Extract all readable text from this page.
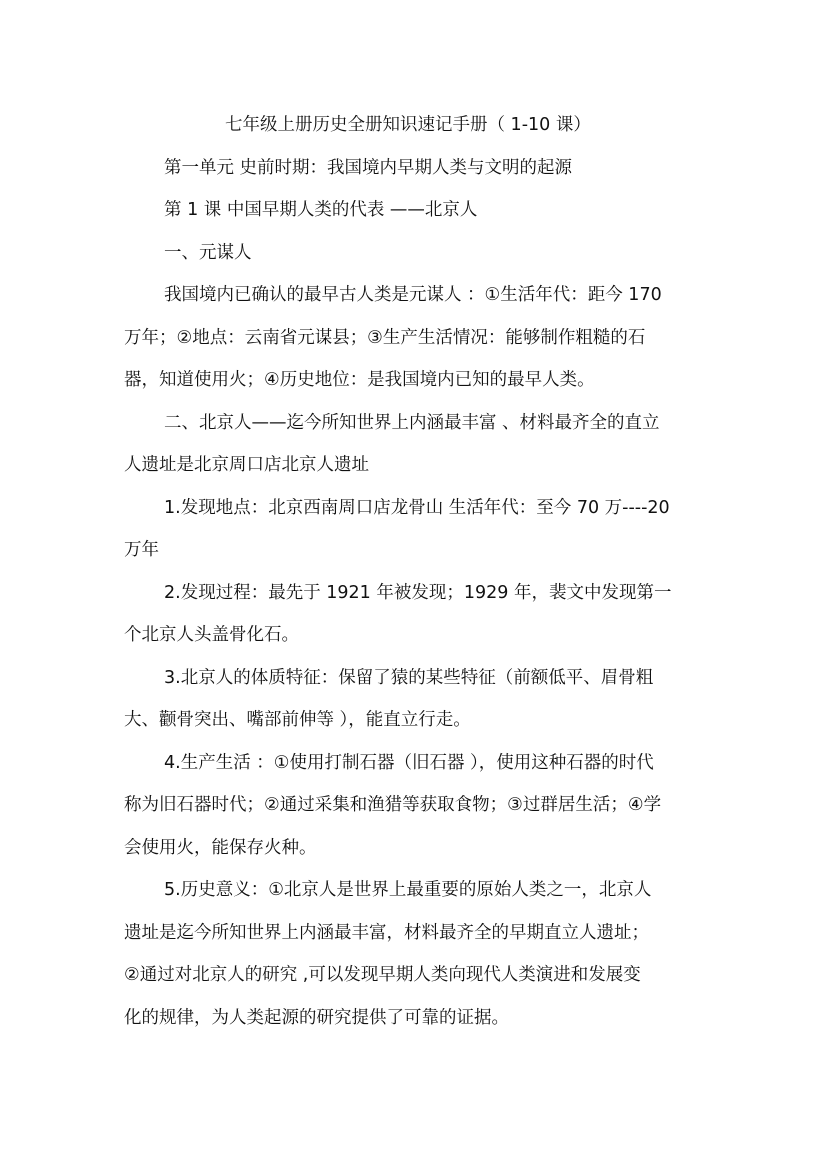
七年级上册历史全册知识速记手册（ 1-10 课）

第一单元 史前时期：我国境内早期人类与文明的起源

第 1 课 中国早期人类的代表 ——北京人

一、元谋人

我国境内已确认的最早古人类是元谋人 ：①生活年代：距今 170

万年；②地点：云南省元谋县；③生产生活情况：能够制作粗糙的石

器，知道使用火；④历史地位：是我国境内已知的最早人类。

二、北京人——迄今所知世界上内涵最丰富 、材料最齐全的直立

人遗址是北京周口店北京人遗址

1.发现地点：北京西南周口店龙骨山 生活年代：至今 70 万----20

万年

2.发现过程：最先于 1921 年被发现；1929 年，裴文中发现第一

个北京人头盖骨化石。

3.北京人的体质特征：保留了猿的某些特征（前额低平、眉骨粗

大、颧骨突出、嘴部前伸等 ），能直立行走。

4.生产生活 ：①使用打制石器（旧石器 ），使用这种石器的时代

称为旧石器时代；②通过采集和渔猎等获取食物；③过群居生活；④学

会使用火，能保存火种。

5.历史意义：①北京人是世界上最重要的原始人类之一，北京人

遗址是迄今所知世界上内涵最丰富，材料最齐全的早期直立人遗址；

②通过对北京人的研究 ,可以发现早期人类向现代人类演进和发展变

化的规律，为人类起源的研究提供了可靠的证据。
